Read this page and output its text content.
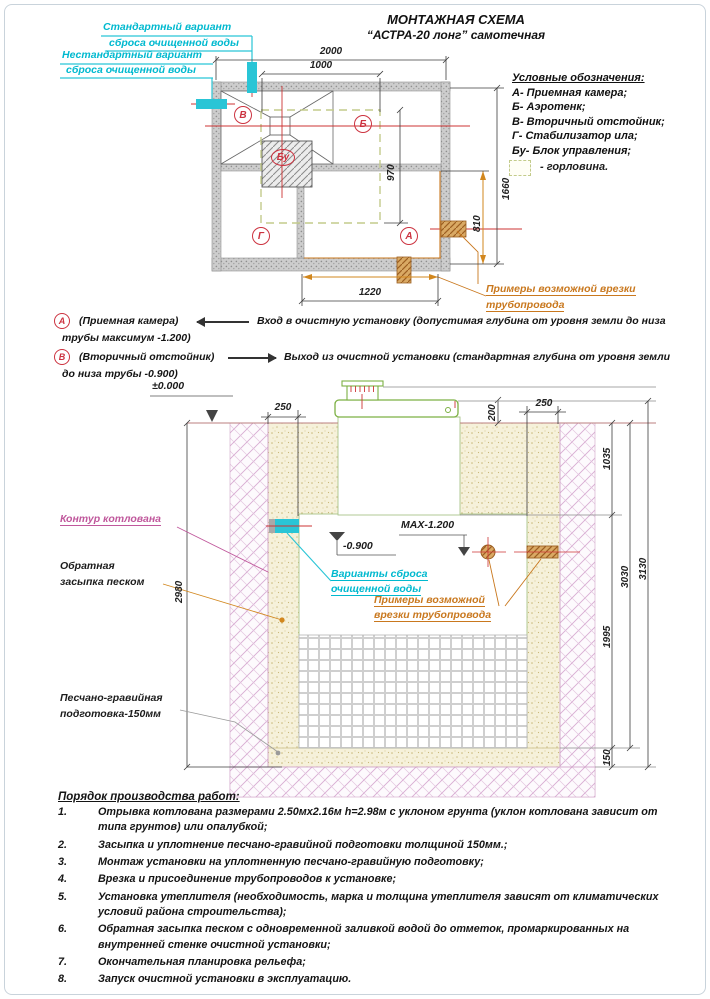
МОНТАЖНАЯ СХЕМА
“АСТРА-20 лонг” самотечная
Стандартный вариант
сброса очищенной воды
Нестандартный вариант
сброса очищенной воды
Условные обозначения:
А- Приемная камера;
Б- Аэротенк;
В- Вторичный отстойник;
Г- Стабилизатор ила;
Бу- Блок управления;
- горловина.
В
Б
Бу
Г	А
2000
1000
970
1660
810
1220	Примеры возможной врезки
трубопровода
А	(Приемная камера)	Вход в очистную установку (допустимая глубина от уровня земли до низа
трубы максимум -1.200)
В	(Вторичный отстойник)	Выход из очистной установки (стандартная глубина от уровня земли
до низа трубы -0.900)
±0.000
-0.900
MAX-1.200
250	200
250
2980
1035
1995
150
3030 3130
Контур котлована
Обратная
засыпка песком
Варианты сброса
очищенной воды
Примеры возможной
врезки трубопровода
Песчано-гравийная
подготовка-150мм
Порядок производства работ:
1.	Отрывка котлована размерами 2.50мх2.16м h=2.98м с уклоном грунта (уклон котлована зависит от типа грунтов) или опалубкой;
2.	Засыпка и уплотнение песчано-гравийной подготовки толщиной 150мм.;
3.	Монтаж установки на уплотненную песчано-гравийную подготовку;
4.	Врезка и присоединение трубопроводов к установке;
5.	Установка утеплителя (необходимость, марка и толщина утеплителя зависят от климатических условий района строительства);
6.	Обратная засыпка песком с одновременной заливкой водой до отметок, промаркированных на внутренней стенке очистной установки;
7.	Окончательная планировка рельефа;
8.	Запуск очистной установки в эксплуатацию.
